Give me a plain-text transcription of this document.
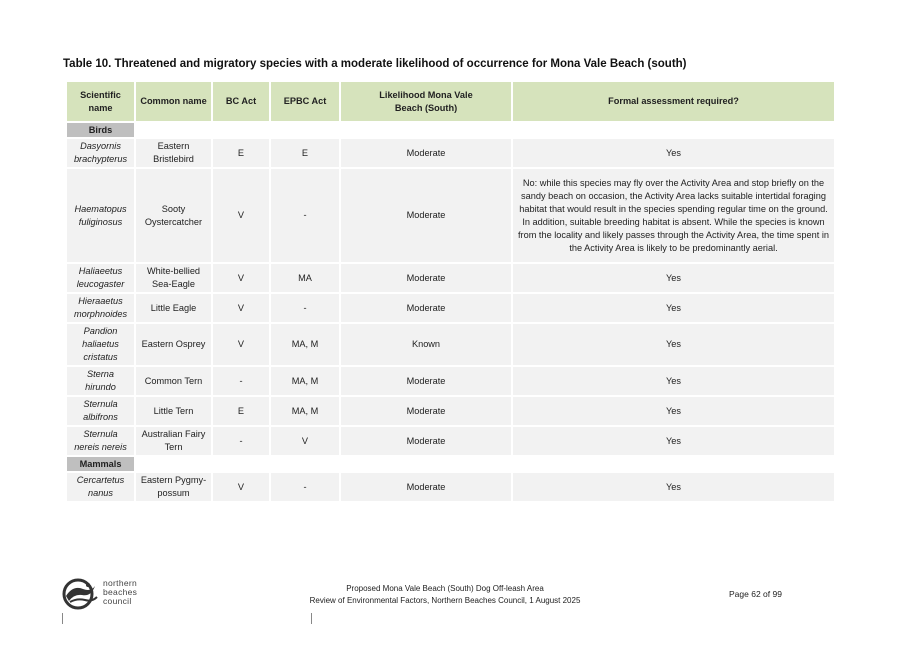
Table 10. Threatened and migratory species with a moderate likelihood of occurrence for Mona Vale Beach (south)
Scientific name	Common name	BC Act	EPBC Act	Likelihood Mona Vale Beach (South)	Formal assessment required?
Birds					
Dasyornis brachypterus	Eastern Bristlebird	E	E	Moderate	Yes
Haematopus fuliginosus	Sooty Oystercatcher	V	-	Moderate	No: while this species may fly over the Activity Area and stop briefly on the sandy beach on occasion, the Activity Area lacks suitable intertidal foraging habitat that would result in the species spending regular time on the ground. In addition, suitable breeding habitat is absent. While the species is known from the locality and likely passes through the Activity Area, the time spent in the Activity Area is likely to be predominantly aerial.
Haliaeetus leucogaster	White-bellied Sea-Eagle	V	MA	Moderate	Yes
Hieraaetus morphnoides	Little Eagle	V	-	Moderate	Yes
Pandion haliaetus cristatus	Eastern Osprey	V	MA, M	Known	Yes
Sterna hirundo	Common Tern	-	MA, M	Moderate	Yes
Sternula albifrons	Little Tern	E	MA, M	Moderate	Yes
Sternula nereis nereis	Australian Fairy Tern	-	V	Moderate	Yes
Mammals					
Cercartetus nanus	Eastern Pygmy-possum	V	-	Moderate	Yes
northern
beaches
council
Proposed Mona Vale Beach (South) Dog Off-leash Area
Review of Environmental Factors, Northern Beaches Council, 1 August 2025
Page 62 of 99
